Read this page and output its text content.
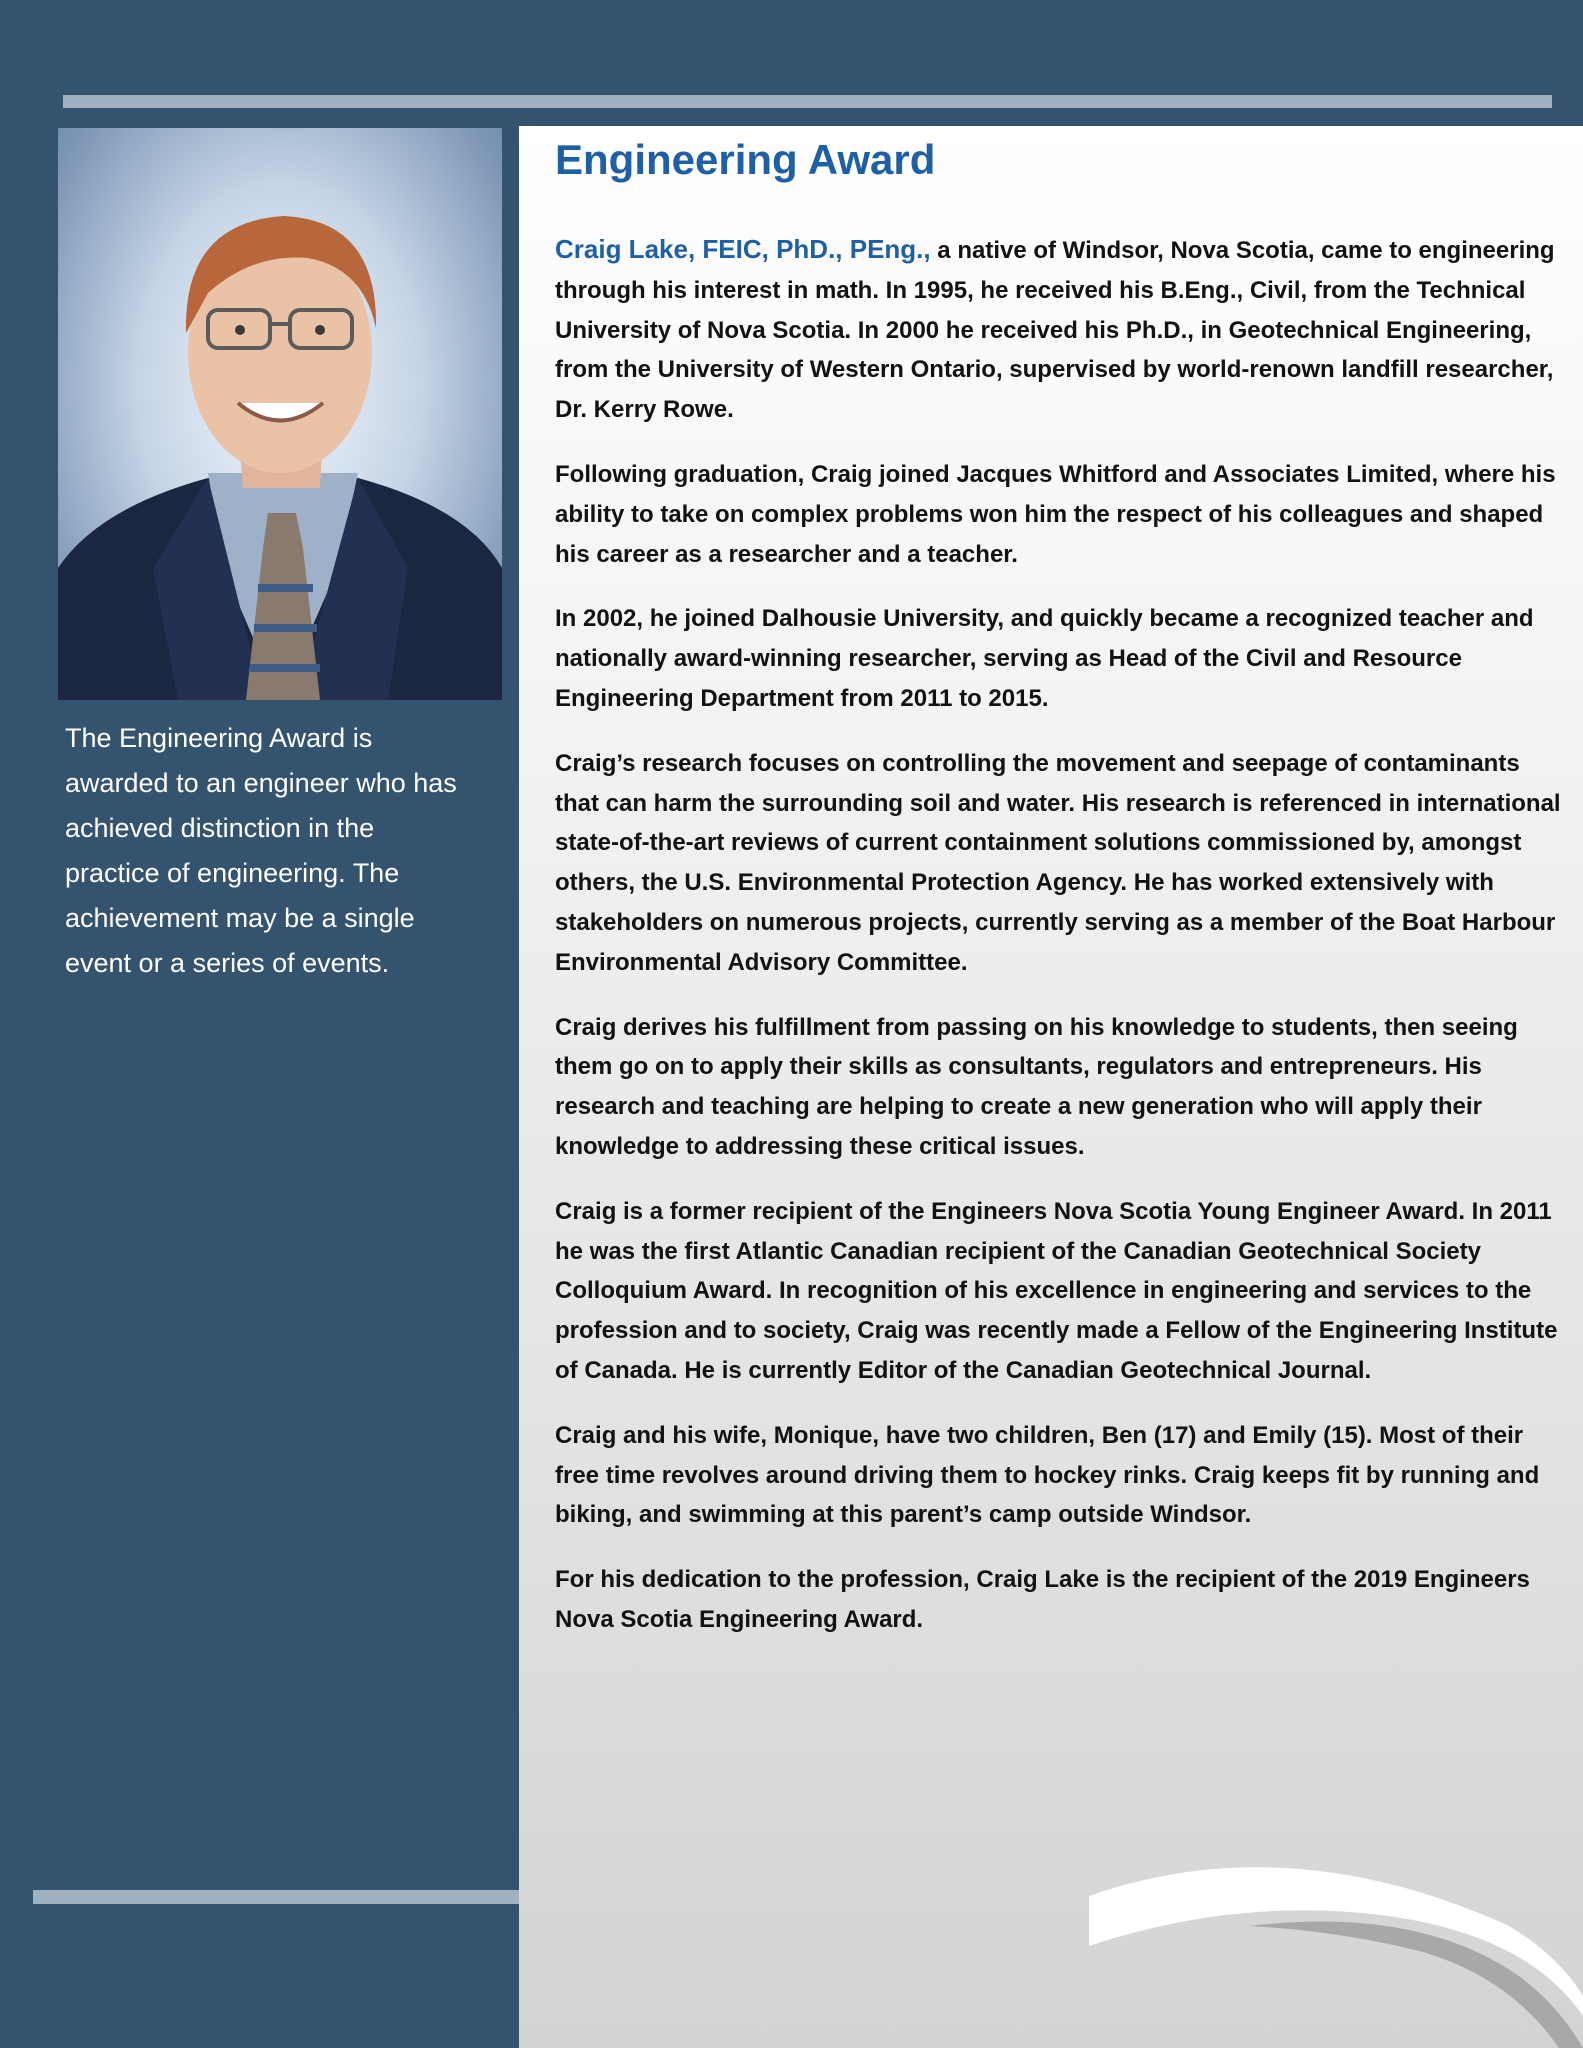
The Engineering Award is awarded to an engineer who has achieved distinction in the practice of engineering. The achievement may be a single event or a series of events.
Engineering Award

Craig Lake, FEIC, PhD., PEng., a native of Windsor, Nova Scotia, came to engineering through his interest in math. In 1995, he received his B.Eng., Civil, from the Technical University of Nova Scotia. In 2000 he received his Ph.D., in Geotechnical Engineering, from the University of Western Ontario, supervised by world-renown landfill researcher, Dr. Kerry Rowe.

Following graduation, Craig joined Jacques Whitford and Associates Limited, where his ability to take on complex problems won him the respect of his colleagues and shaped his career as a researcher and a teacher.

In 2002, he joined Dalhousie University, and quickly became a recognized teacher and nationally award-winning researcher, serving as Head of the Civil and Resource Engineering Department from 2011 to 2015.

Craig’s research focuses on controlling the movement and seepage of contaminants that can harm the surrounding soil and water. His research is referenced in international state-of-the-art reviews of current containment solutions commissioned by, amongst others, the U.S. Environmental Protection Agency. He has worked extensively with stakeholders on numerous projects, currently serving as a member of the Boat Harbour Environmental Advisory Committee.

Craig derives his fulfillment from passing on his knowledge to students, then seeing them go on to apply their skills as consultants, regulators and entrepreneurs. His research and teaching are helping to create a new generation who will apply their knowledge to addressing these critical issues.

Craig is a former recipient of the Engineers Nova Scotia Young Engineer Award. In 2011 he was the first Atlantic Canadian recipient of the Canadian Geotechnical Society Colloquium Award. In recognition of his excellence in engineering and services to the profession and to society, Craig was recently made a Fellow of the Engineering Institute of Canada. He is currently Editor of the Canadian Geotechnical Journal.

Craig and his wife, Monique, have two children, Ben (17) and Emily (15). Most of their free time revolves around driving them to hockey rinks. Craig keeps fit by running and biking, and swimming at this parent’s camp outside Windsor.

For his dedication to the profession, Craig Lake is the recipient of the 2019 Engineers Nova Scotia Engineering Award.
